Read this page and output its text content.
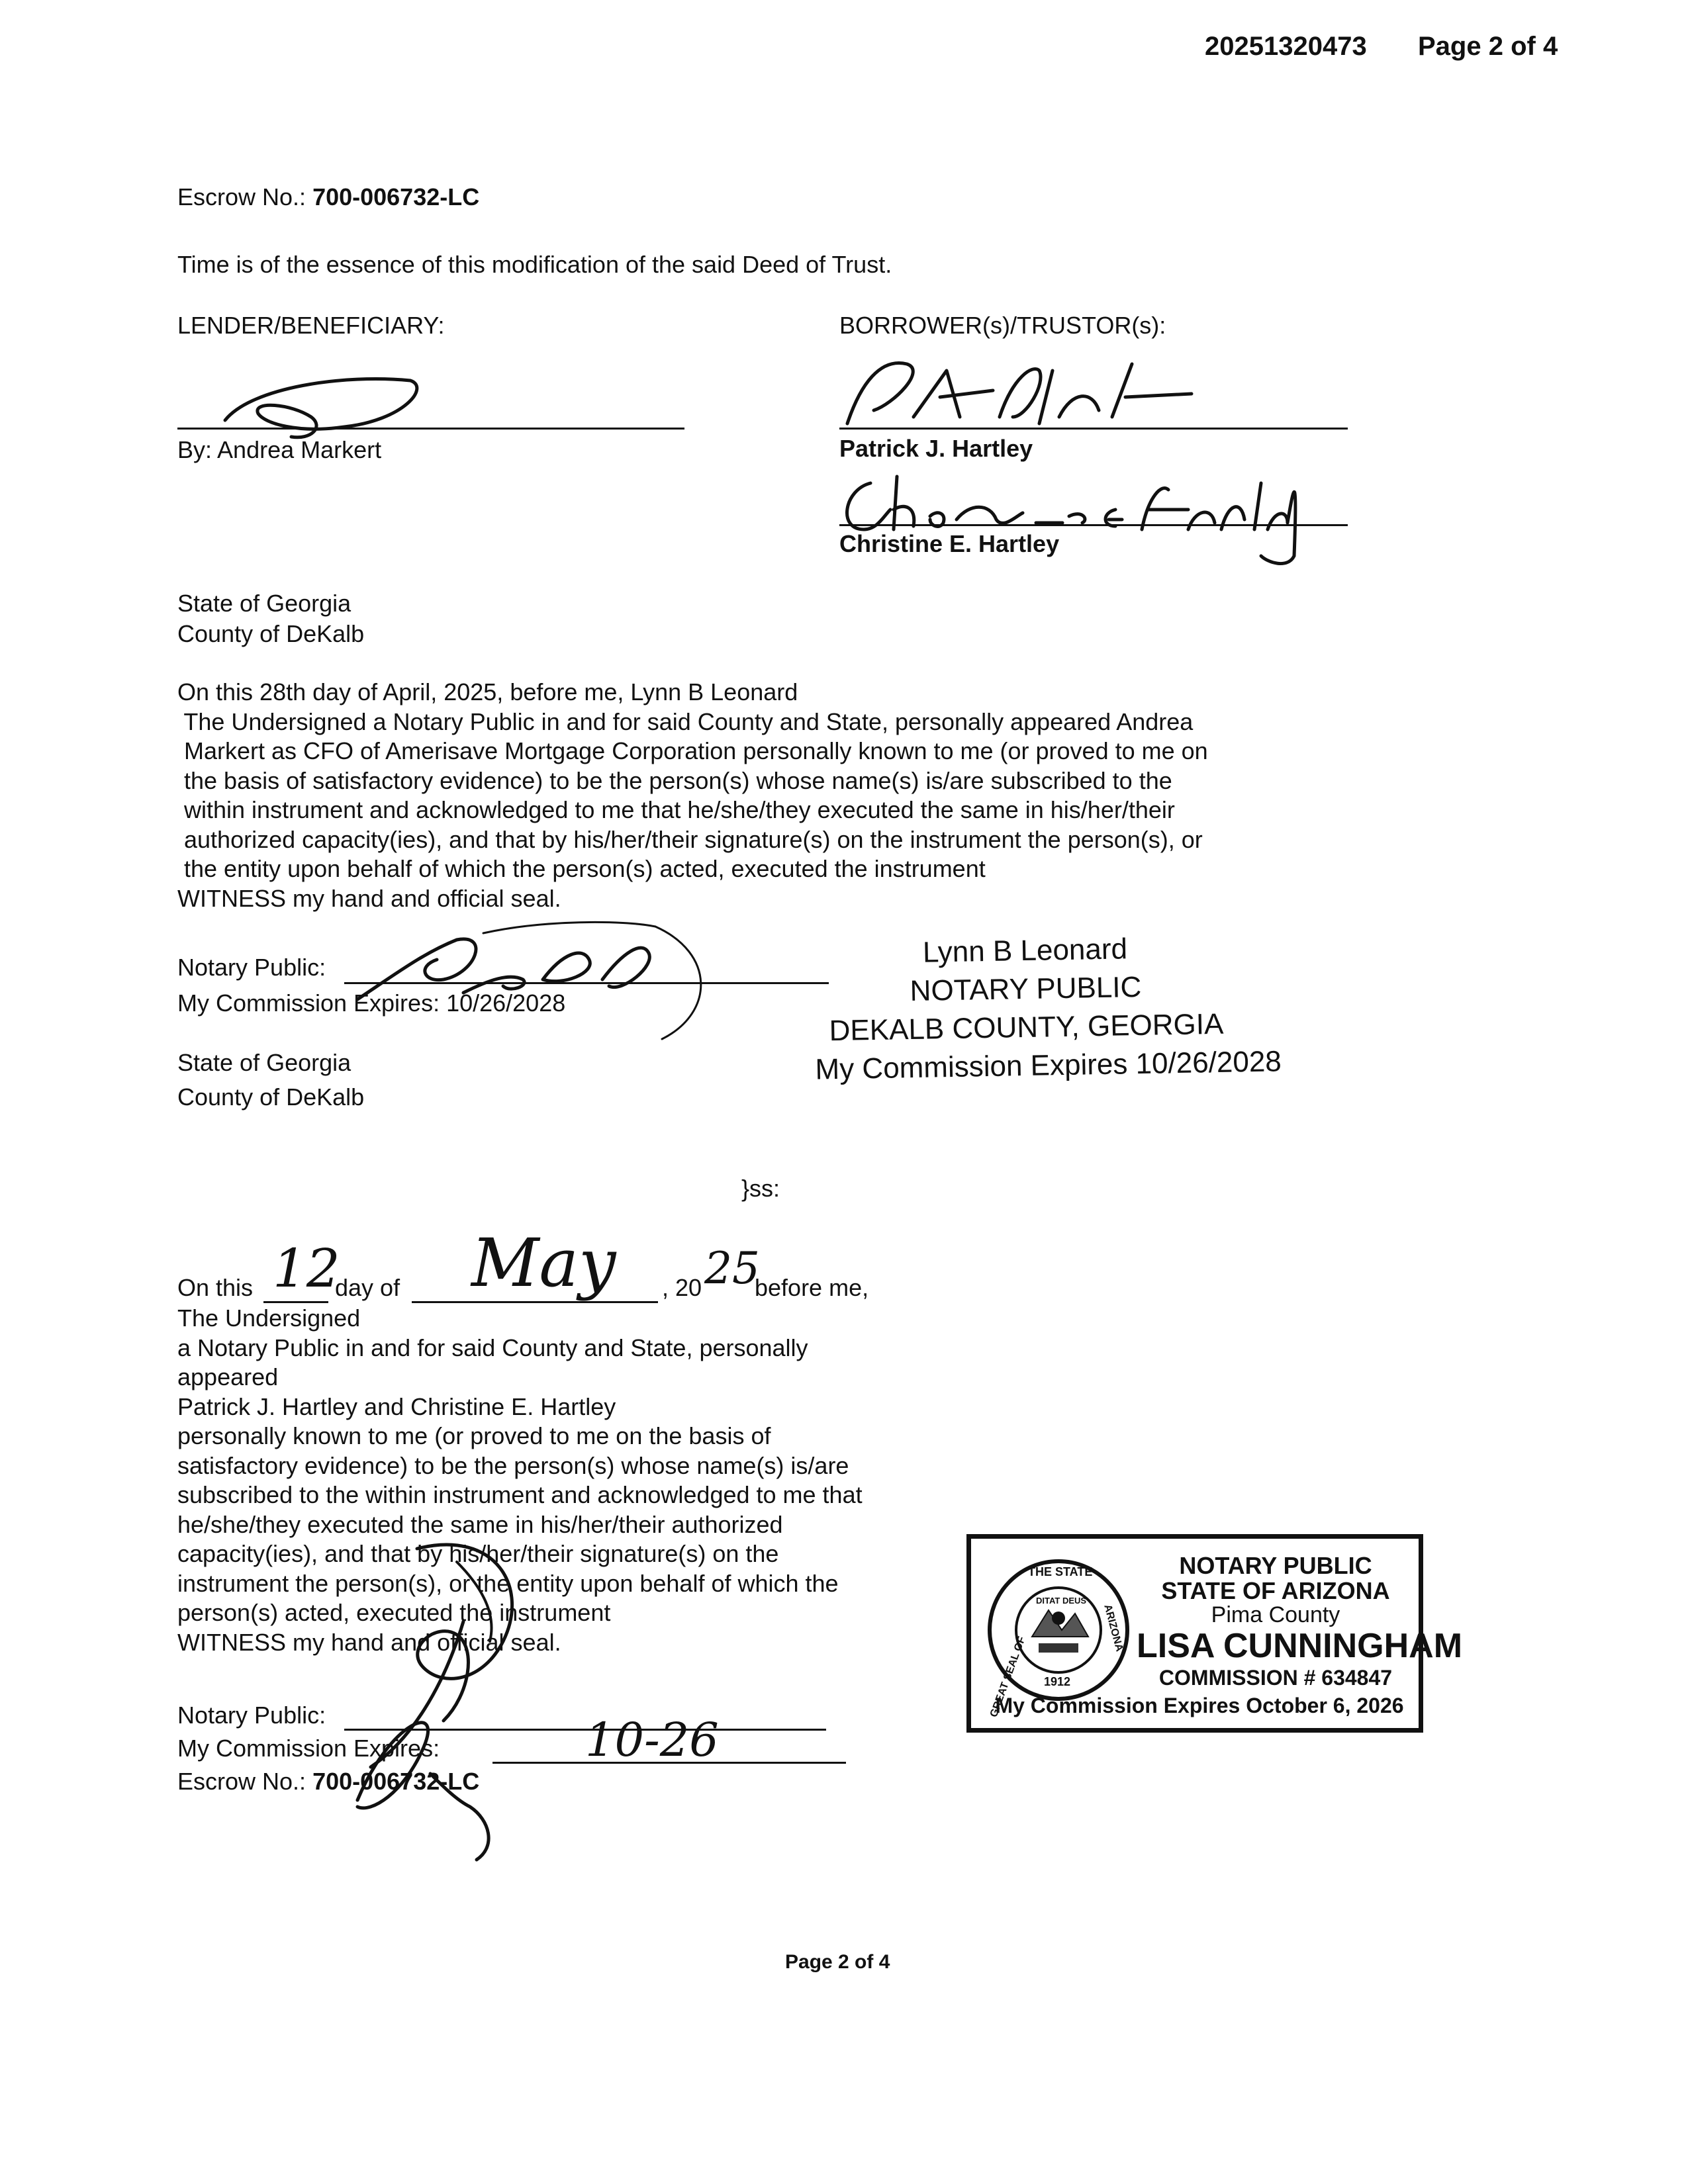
20251320473 Page 2 of 4
Escrow No.: 700-006732-LC
Time is of the essence of this modification of the said Deed of Trust.
LENDER/BENEFICIARY:	BORROWER(s)/TRUSTOR(s):
By: Andrea Markert	Patrick J. Hartley
Christine E. Hartley
State of Georgia
County of DeKalb
On this 28th day of April, 2025, before me, Lynn B Leonard
The Undersigned a Notary Public in and for said County and State, personally appeared Andrea
Markert as CFO of Amerisave Mortgage Corporation personally known to me (or proved to me on
the basis of satisfactory evidence) to be the person(s) whose name(s) is/are subscribed to the
within instrument and acknowledged to me that he/she/they executed the same in his/her/their
authorized capacity(ies), and that by his/her/their signature(s) on the instrument the person(s), or
the entity upon behalf of which the person(s) acted, executed the instrument
WITNESS my hand and official seal.
Notary Public:
My Commission Expires: 10/26/2028
Lynn B Leonard
NOTARY PUBLIC
DEKALB COUNTY, GEORGIA
My Commission Expires 10/26/2028
State of Georgia
County of DeKalb
}ss:
On this 12
day of May , 20 25
before me,
The Undersigned
a Notary Public in and for said County and State, personally
appeared
Patrick J. Hartley and Christine E. Hartley
personally known to me (or proved to me on the basis of
satisfactory evidence) to be the person(s) whose name(s) is/are
subscribed to the within instrument and acknowledged to me that
he/she/they executed the same in his/her/their authorized
capacity(ies), and that by his/her/their signature(s) on the
instrument the person(s), or the entity upon behalf of which the
person(s) acted, executed the instrument
WITNESS my hand and official seal.
Notary Public:
My Commission Expires:	10-26
Escrow No.: 700-006732-LC
THE STATE
GREAT SEAL OF
ARIZONA
DITAT DEUS
1912
NOTARY PUBLIC
STATE OF ARIZONA
Pima County
LISA CUNNINGHAM
COMMISSION # 634847
My Commission Expires October 6, 2026
Page 2 of 4
